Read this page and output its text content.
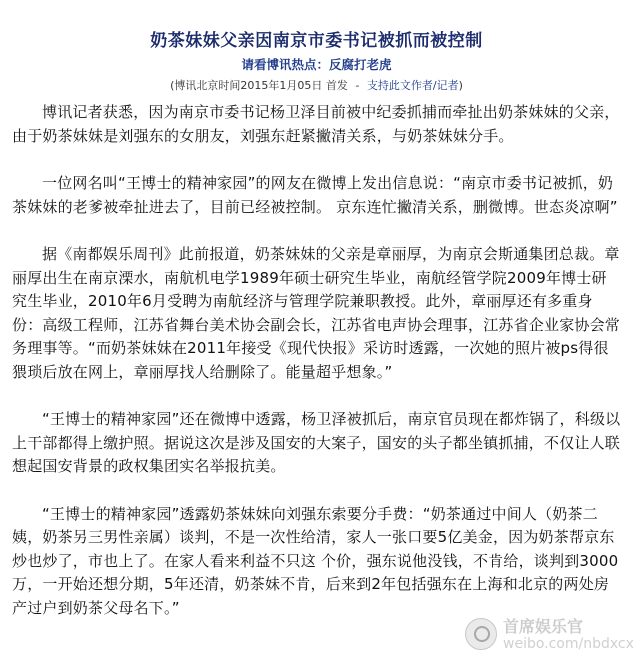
奶茶妹妹父亲因南京市委书记被抓而被控制
请看博讯热点：反腐打老虎
(博讯北京时间2015年1月05日 首发 - 支持此文作者/记者)

博讯记者获悉，因为南京市委书记杨卫泽目前被中纪委抓捕而牵扯出奶茶妹妹的父亲，由于奶茶妹妹是刘强东的女朋友，刘强东赶紧撇清关系，与奶茶妹妹分手。

一位网名叫“王博士的精神家园”的网友在微博上发出信息说：“南京市委书记被抓，奶茶妹妹的老爹被牵扯进去了，目前已经被控制。 京东连忙撇清关系，删微博。世态炎凉啊”

据《南都娱乐周刊》此前报道，奶茶妹妹的父亲是章丽厚，为南京会斯通集团总裁。章丽厚出生在南京溧水，南航机电学1989年硕士研究生毕业，南航经管学院2009年博士研究生毕业，2010年6月受聘为南航经济与管理学院兼职教授。此外，章丽厚还有多重身份：高级工程师，江苏省舞台美术协会副会长，江苏省电声协会理事，江苏省企业家协会常务理事等。“而奶茶妹妹在2011年接受《现代快报》采访时透露，一次她的照片被ps得很猥琐后放在网上，章丽厚找人给删除了。能量超乎想象。”

“王博士的精神家园”还在微博中透露，杨卫泽被抓后，南京官员现在都炸锅了，科级以上干部都得上缴护照。据说这次是涉及国安的大案子，国安的头子都坐镇抓捕，不仅让人联想起国安背景的政权集团实名举报抗美。

“王博士的精神家园”透露奶茶妹妹向刘强东索要分手费：“奶茶通过中间人（奶茶二姨，奶茶另三男性亲属）谈判，不是一次性给清，家人一张口要5亿美金，因为奶茶帮京东炒也炒了，市也上了。在家人看来利益不只这 个价，强东说他没钱，不肯给，谈判到3000万，一开始还想分期，5年还清，奶茶妹不肯，后来到2年包括强东在上海和北京的两处房产过户到奶茶父母名下。”

首席娱乐官
weibo.com/nbdxcx
